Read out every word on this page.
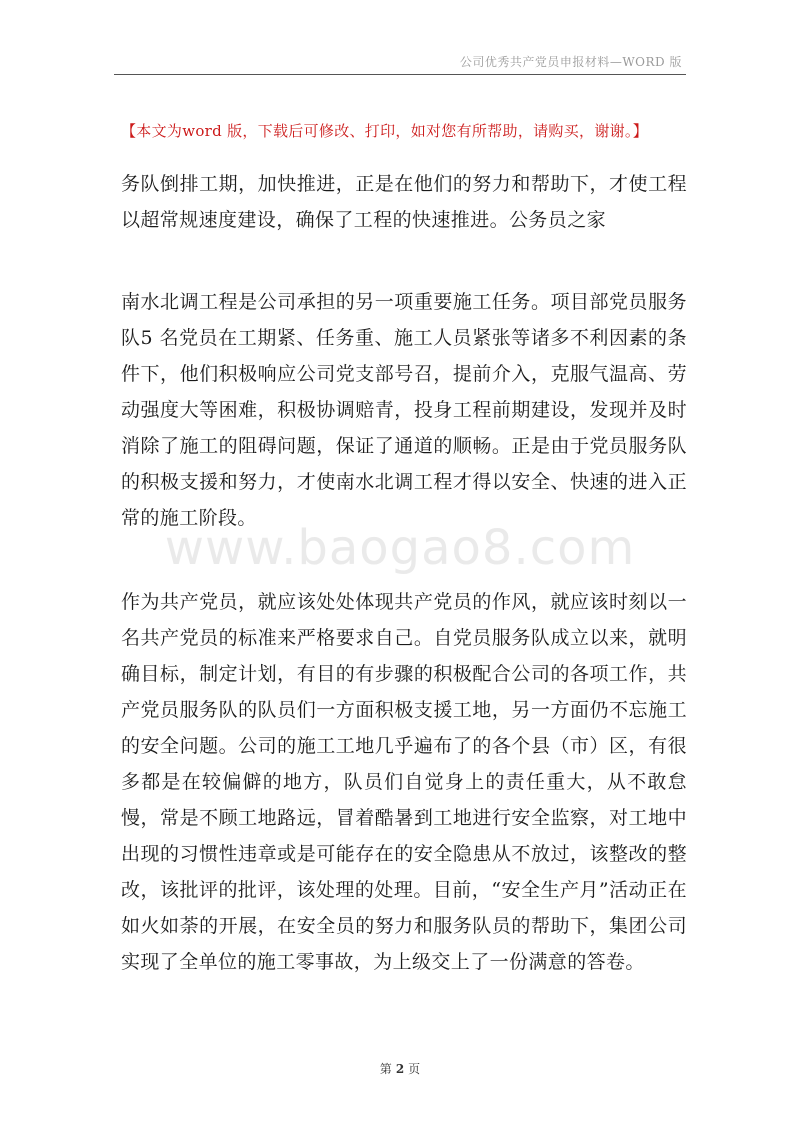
公司优秀共产党员申报材料—WORD 版
【本文为word 版，下载后可修改、打印，如对您有所帮助，请购买，谢谢。】
务队倒排工期，加快推进，正是在他们的努力和帮助下，才使工程以超常规速度建设，确保了工程的快速推进。公务员之家
南水北调工程是公司承担的另一项重要施工任务。项目部党员服务队5 名党员在工期紧、任务重、施工人员紧张等诸多不利因素的条件下，他们积极响应公司党支部号召，提前介入，克服气温高、劳动强度大等困难，积极协调赔青，投身工程前期建设，发现并及时消除了施工的阻碍问题，保证了通道的顺畅。正是由于党员服务队的积极支援和努力，才使南水北调工程才得以安全、快速的进入正常的施工阶段。
www.baogao8.com
作为共产党员，就应该处处体现共产党员的作风，就应该时刻以一名共产党员的标准来严格要求自己。自党员服务队成立以来，就明确目标，制定计划，有目的有步骤的积极配合公司的各项工作，共产党员服务队的队员们一方面积极支援工地，另一方面仍不忘施工的安全问题。公司的施工工地几乎遍布了的各个县（市）区，有很多都是在较偏僻的地方，队员们自觉身上的责任重大，从不敢怠慢，常是不顾工地路远，冒着酷暑到工地进行安全监察，对工地中出现的习惯性违章或是可能存在的安全隐患从不放过，该整改的整改，该批评的批评，该处理的处理。目前，“安全生产月”活动正在如火如荼的开展，在安全员的努力和服务队员的帮助下，集团公司实现了全单位的施工零事故，为上级交上了一份满意的答卷。
第 2 页
